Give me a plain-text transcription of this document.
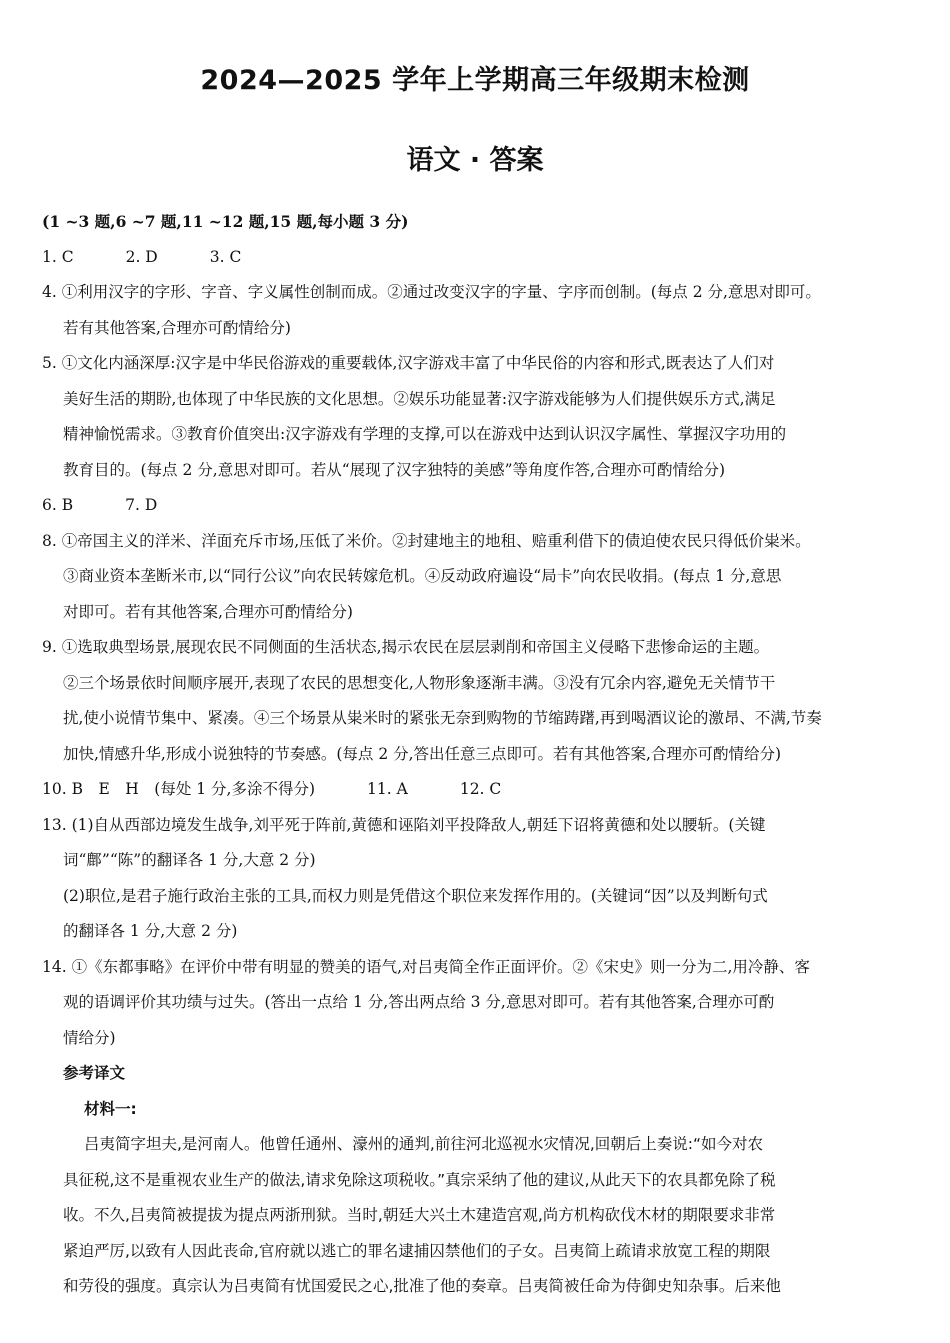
2024—2025 学年上学期高三年级期末检测
语文 · 答案
(1 ~3 题,6 ~7 题,11 ~12 题,15 题,每小题 3 分)
1. C	2. D	3. C
4. ①利用汉字的字形、字音、字义属性创制而成。②通过改变汉字的字量、字序而创制。(每点 2 分,意思对即可。
若有其他答案,合理亦可酌情给分)
5. ①文化内涵深厚:汉字是中华民俗游戏的重要载体,汉字游戏丰富了中华民俗的内容和形式,既表达了人们对
美好生活的期盼,也体现了中华民族的文化思想。②娱乐功能显著:汉字游戏能够为人们提供娱乐方式,满足
精神愉悦需求。③教育价值突出:汉字游戏有学理的支撑,可以在游戏中达到认识汉字属性、掌握汉字功用的
教育目的。(每点 2 分,意思对即可。若从“展现了汉字独特的美感”等角度作答,合理亦可酌情给分)
6. B	7. D
8. ①帝国主义的洋米、洋面充斥市场,压低了米价。②封建地主的地租、赔重利借下的债迫使农民只得低价粜米。
③商业资本垄断米市,以“同行公议”向农民转嫁危机。④反动政府遍设“局卡”向农民收捐。(每点 1 分,意思
对即可。若有其他答案,合理亦可酌情给分)
9. ①选取典型场景,展现农民不同侧面的生活状态,揭示农民在层层剥削和帝国主义侵略下悲惨命运的主题。
②三个场景依时间顺序展开,表现了农民的思想变化,人物形象逐渐丰满。③没有冗余内容,避免无关情节干
扰,使小说情节集中、紧凑。④三个场景从粜米时的紧张无奈到购物的节缩踌躇,再到喝酒议论的激昂、不满,节奏
加快,情感升华,形成小说独特的节奏感。(每点 2 分,答出任意三点即可。若有其他答案,合理亦可酌情给分)
10. B　E　H　(每处 1 分,多涂不得分)	11. A	12. C
13. (1)自从西部边境发生战争,刘平死于阵前,黄德和诬陷刘平投降敌人,朝廷下诏将黄德和处以腰斩。(关键
词“鄜”“陈”的翻译各 1 分,大意 2 分)
(2)职位,是君子施行政治主张的工具,而权力则是凭借这个职位来发挥作用的。(关键词“因”以及判断句式
的翻译各 1 分,大意 2 分)
14. ①《东都事略》在评价中带有明显的赞美的语气,对吕夷简全作正面评价。②《宋史》则一分为二,用冷静、客
观的语调评价其功绩与过失。(答出一点给 1 分,答出两点给 3 分,意思对即可。若有其他答案,合理亦可酌
情给分)
参考译文
材料一:
吕夷简字坦夫,是河南人。他曾任通州、濠州的通判,前往河北巡视水灾情况,回朝后上奏说:“如今对农
具征税,这不是重视农业生产的做法,请求免除这项税收。”真宗采纳了他的建议,从此天下的农具都免除了税
收。不久,吕夷简被提拔为提点两浙刑狱。当时,朝廷大兴土木建造宫观,尚方机构砍伐木材的期限要求非常
紧迫严厉,以致有人因此丧命,官府就以逃亡的罪名逮捕囚禁他们的子女。吕夷简上疏请求放宽工程的期限
和劳役的强度。真宗认为吕夷简有忧国爱民之心,批准了他的奏章。吕夷简被任命为侍御史知杂事。后来他
